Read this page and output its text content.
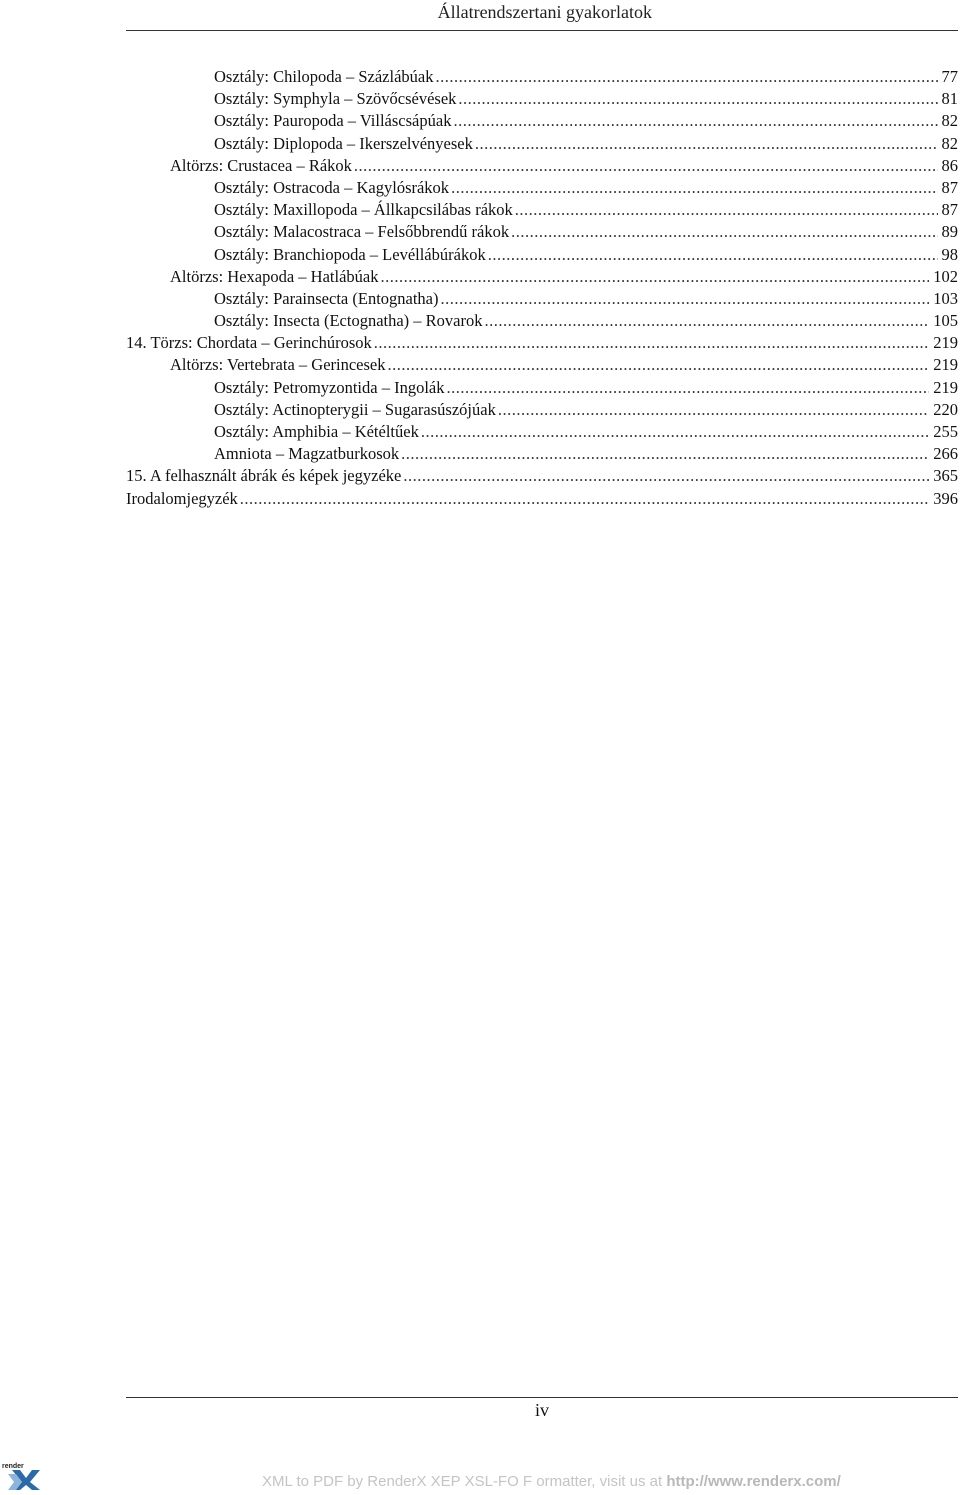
Állatrendszertani gyakorlatok
Osztály: Chilopoda – Százlábúak .....	77
Osztály: Symphyla – Szövőcsévések .....	81
Osztály: Pauropoda – Villáscsápúak .....	82
Osztály: Diplopoda – Ikerszelvényesek .....	82
Altörzs: Crustacea – Rákok .....	86
Osztály: Ostracoda – Kagylósrákok .....	87
Osztály: Maxillopoda – Állkapcsilábas rákok .....	87
Osztály: Malacostraca – Felsőbbrendű rákok .....	89
Osztály: Branchiopoda – Levéllábúrákok .....	98
Altörzs: Hexapoda – Hatlábúak .....	102
Osztály: Parainsecta (Entognatha) .....	103
Osztály: Insecta (Ectognatha) – Rovarok .....	105
14. Törzs: Chordata – Gerinchúrosok .....	219
Altörzs: Vertebrata – Gerincesek .....	219
Osztály: Petromyzontida – Ingolák .....	219
Osztály: Actinopterygii – Sugarasúszójúak .....	220
Osztály: Amphibia – Kétéltűek .....	255
Amniota – Magzatburkosok .....	266
15. A felhasznált ábrák és képek jegyzéke .....	365
Irodalomjegyzék .....	396
iv
render
XML to PDF by RenderX XEP XSL-FO F ormatter, visit us at http://www.renderx.com/
